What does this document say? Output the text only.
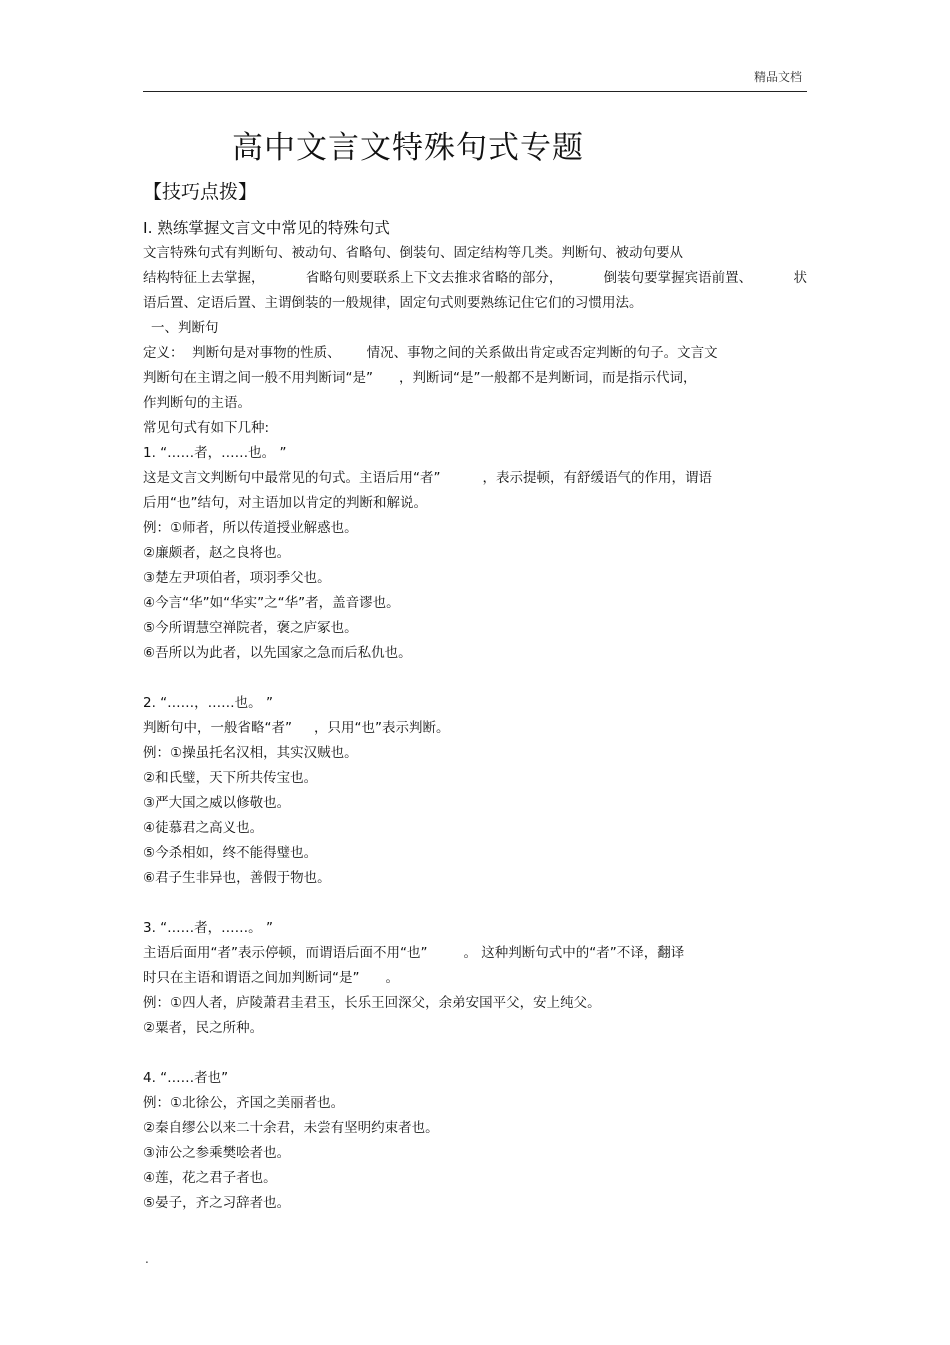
精品文档
高中文言文特殊句式专题
【技巧点拨】
Ⅰ. 熟练掌握文言文中常见的特殊句式
文言特殊句式有判断句、被动句、省略句、倒装句、固定结构等几类。判断句、被动句要从
结构特征上去掌握，	省略句则要联系上下文去推求省略的部分，	倒装句要掌握宾语前置、	状
语后置、定语后置、主谓倒装的一般规律，固定句式则要熟练记住它们的习惯用法。
一、判断句
定义：  判断句是对事物的性质、 情况、事物之间的关系做出肯定或否定判断的句子。文言文
判断句在主谓之间一般不用判断词“是” ，判断词“是”一般都不是判断词，而是指示代词，
作判断句的主语。
常见句式有如下几种:
1. “……者，……也。 ”
这是文言文判断句中最常见的句式。主语后用“者”	，表示提顿，有舒缓语气的作用，谓语
后用“也”结句，对主语加以肯定的判断和解说。
例：①师者，所以传道授业解惑也。
②廉颇者，赵之良将也。
③楚左尹项伯者，项羽季父也。
④今言“华”如“华实”之“华”者，盖音谬也。
⑤今所谓慧空禅院者，褒之庐冢也。
⑥吾所以为此者，以先国家之急而后私仇也。
2. “……，……也。 ”
判断句中，一般省略“者” ，只用“也”表示判断。
例：①操虽托名汉相，其实汉贼也。
②和氏璧，天下所共传宝也。
③严大国之威以修敬也。
④徒慕君之高义也。
⑤今杀相如，终不能得璧也。
⑥君子生非异也，善假于物也。
3. “……者，……。 ”
主语后面用“者”表示停顿，而谓语后面不用“也”	。 这种判断句式中的“者”不译，翻译
时只在主语和谓语之间加判断词“是” 。
例：①四人者，庐陵萧君圭君玉，长乐王回深父，余弟安国平父，安上纯父。
②粟者，民之所种。
4. “……者也”
例：①北徐公，齐国之美丽者也。
②秦自缪公以来二十余君，未尝有坚明约束者也。
③沛公之参乘樊哙者也。
④莲，花之君子者也。
⑤晏子，齐之习辞者也。
.
